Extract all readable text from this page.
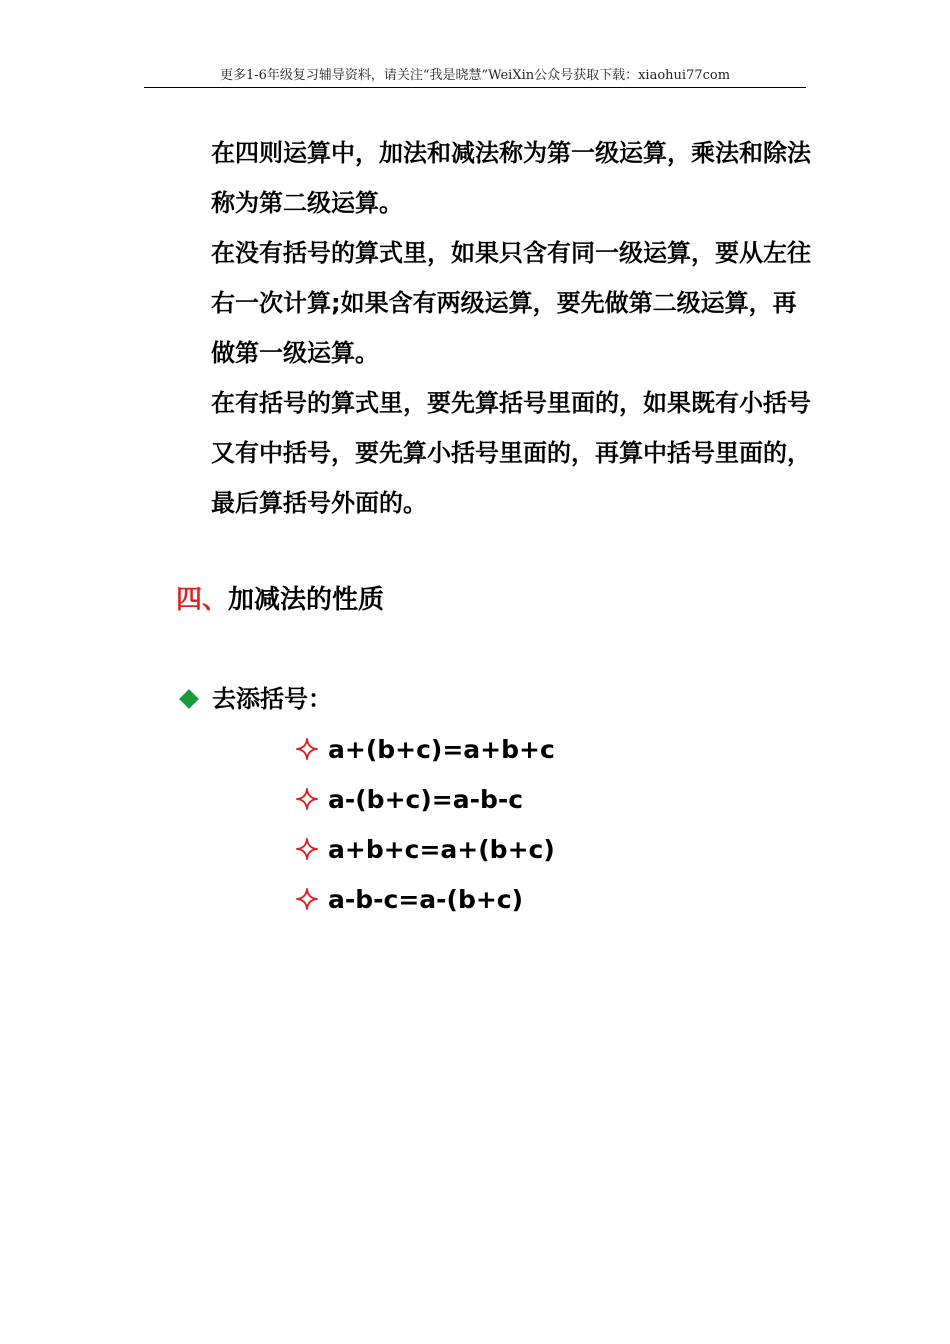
更多1-6年级复习辅导资料，请关注“我是晓慧”WeiXin公众号获取下载：xiaohui77com

在四则运算中，加法和减法称为第一级运算，乘法和除法称为第二级运算。

在没有括号的算式里，如果只含有同一级运算，要从左往右一次计算;如果含有两级运算，要先做第二级运算，再做第一级运算。

在有括号的算式里，要先算括号里面的，如果既有小括号又有中括号，要先算小括号里面的，再算中括号里面的，最后算括号外面的。

四、加减法的性质
去添括号：
a+(b+c)=a+b+c
a-(b+c)=a-b-c
a+b+c=a+(b+c)
a-b-c=a-(b+c)
